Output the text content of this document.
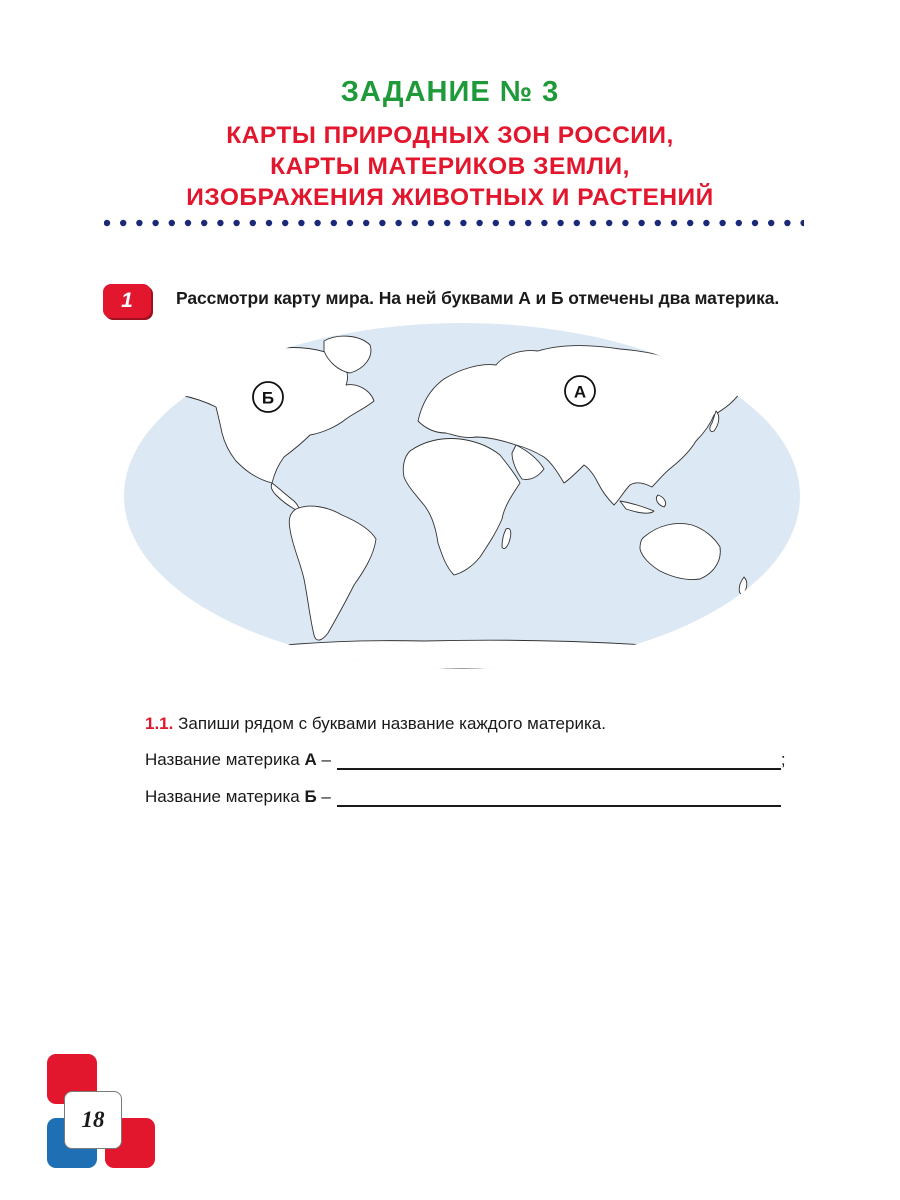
ЗАДАНИЕ № 3
КАРТЫ ПРИРОДНЫХ ЗОН РОССИИ,
КАРТЫ МАТЕРИКОВ ЗЕМЛИ,
ИЗОБРАЖЕНИЯ ЖИВОТНЫХ И РАСТЕНИЙ
1	Рассмотри карту мира. На ней буквами А и Б отмечены два материка.
Б	А
1.1. Запиши рядом с буквами название каждого материка.
Название материка А –	;
Название материка Б –
18
